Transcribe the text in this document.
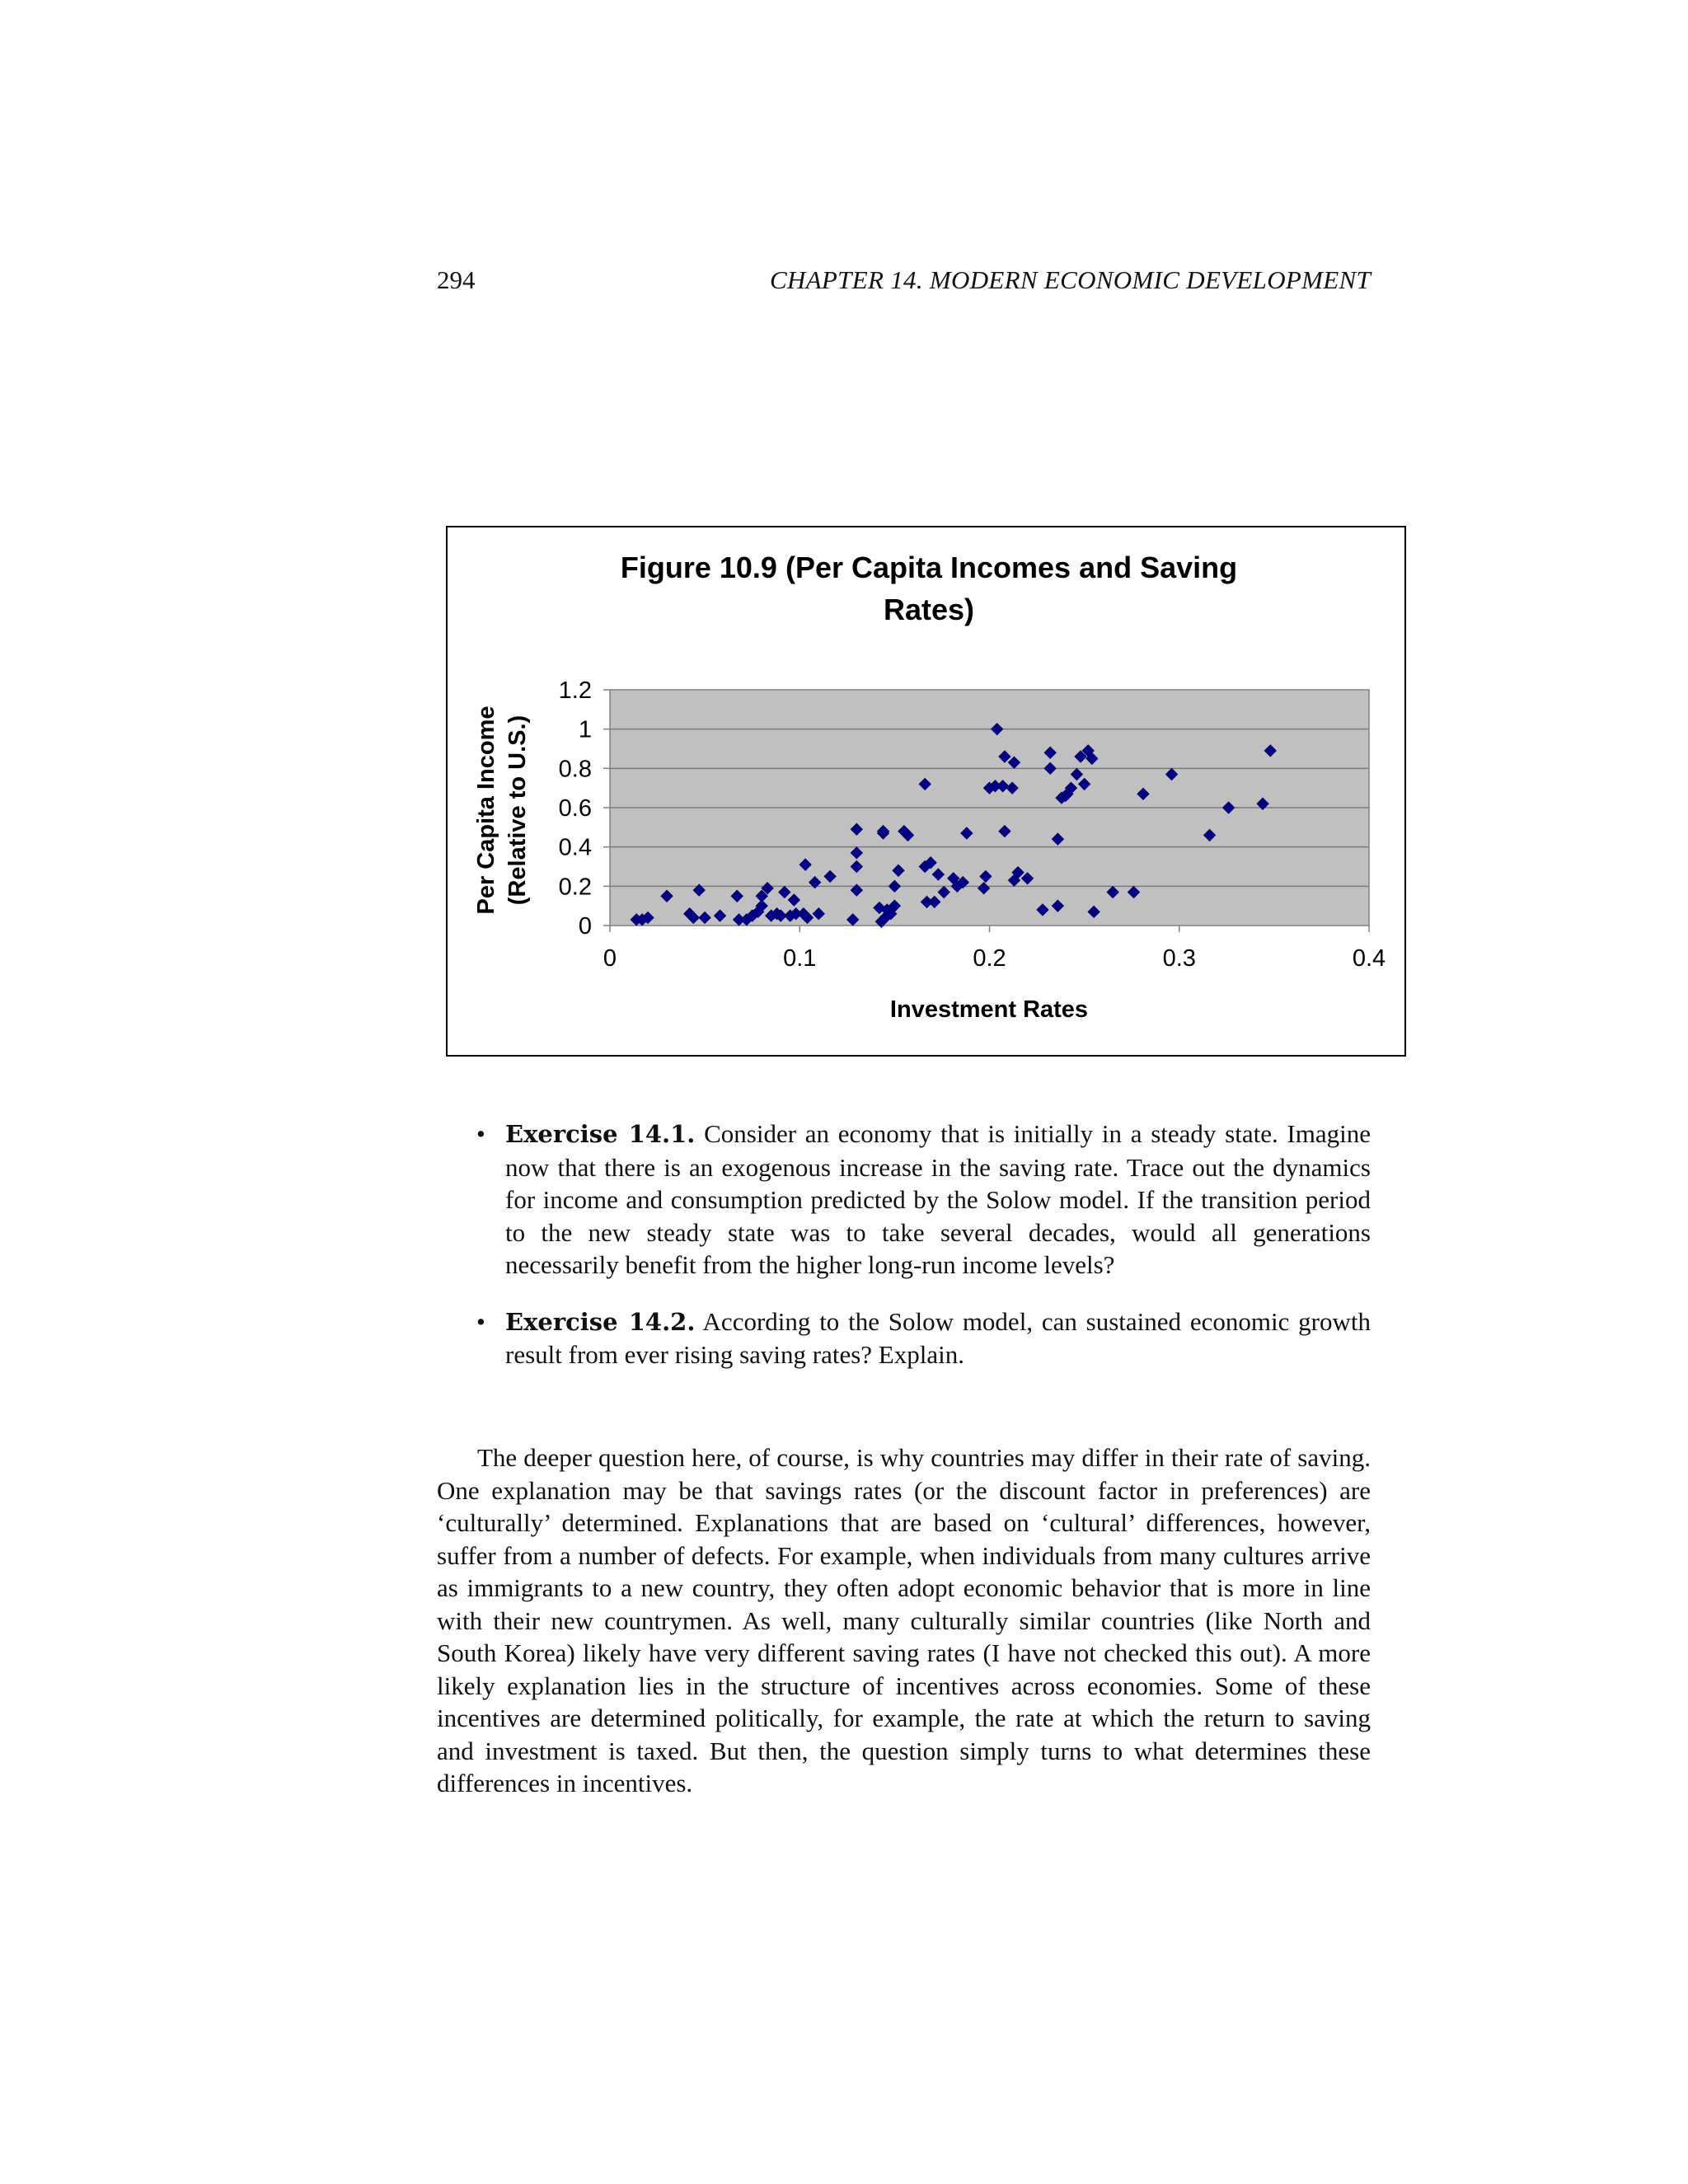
294	CHAPTER 14. MODERN ECONOMIC DEVELOPMENT
Figure 10.9 (Per Capita Incomes and Saving
Rates)
0
0.2
0.4
0.6
0.8
1
1.2
0	0.1	0.2	0.3	0.4
Investment Rates
Per Capita Income (Relative to U.S.)
• Exercise 14.1. Consider an economy that is initially in a steady state. Imagine now that there is an exogenous increase in the saving rate. Trace out the dynamics for income and consumption predicted by the Solow model. If the transition period to the new steady state was to take several decades, would all generations necessarily benefit from the higher long-run income levels?
• Exercise 14.2. According to the Solow model, can sustained economic growth result from ever rising saving rates? Explain.

The deeper question here, of course, is why countries may differ in their rate of saving. One explanation may be that savings rates (or the discount factor in preferences) are ‘culturally’ determined. Explanations that are based on ‘cultural’ differences, however, suffer from a number of defects. For example, when individuals from many cultures arrive as immigrants to a new country, they often adopt economic behavior that is more in line with their new countrymen. As well, many culturally similar countries (like North and South Korea) likely have very different saving rates (I have not checked this out). A more likely explanation lies in the structure of incentives across economies. Some of these incentives are determined politically, for example, the rate at which the return to saving and investment is taxed. But then, the question simply turns to what determines these differences in incentives.
